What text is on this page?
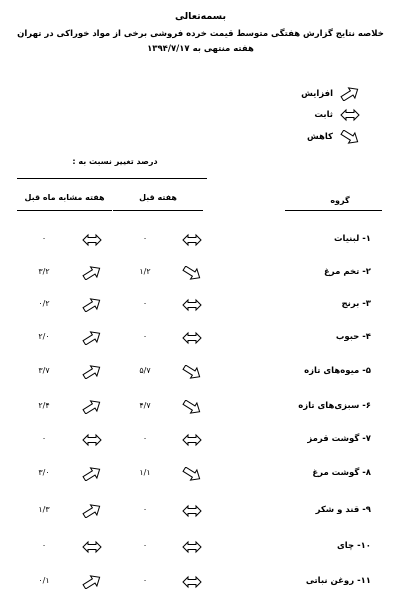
بسمه‌تعالی
خلاصه نتایج گزارش هفتگی متوسط قیمت خرده فروشی برخی از مواد خوراکی در تهران
هفته منتهی به ۱۳۹۴/۷/۱۷
افزایش
ثابت
کاهش
درصد تغییر نسبت به :
هفته قبل
هفته مشابه ماه قبل	گروه
۱- لبنیات
۰
۰
۲- تخم مرغ
۱/۲
۳/۲
۳- برنج
۰
۰/۲
۴- حبوب
۰
۲/۰
۵- میوه‌های تازه
۵/۷
۳/۷
۶- سبزی‌های تازه
۴/۷
۲/۴
۷- گوشت قرمز
۰
۰
۸- گوشت مرغ
۱/۱
۳/۰
۹- قند و شکر
۰
۱/۳
۱۰- چای
۰
۰
۱۱- روغن نباتی
۰
۰/۱
